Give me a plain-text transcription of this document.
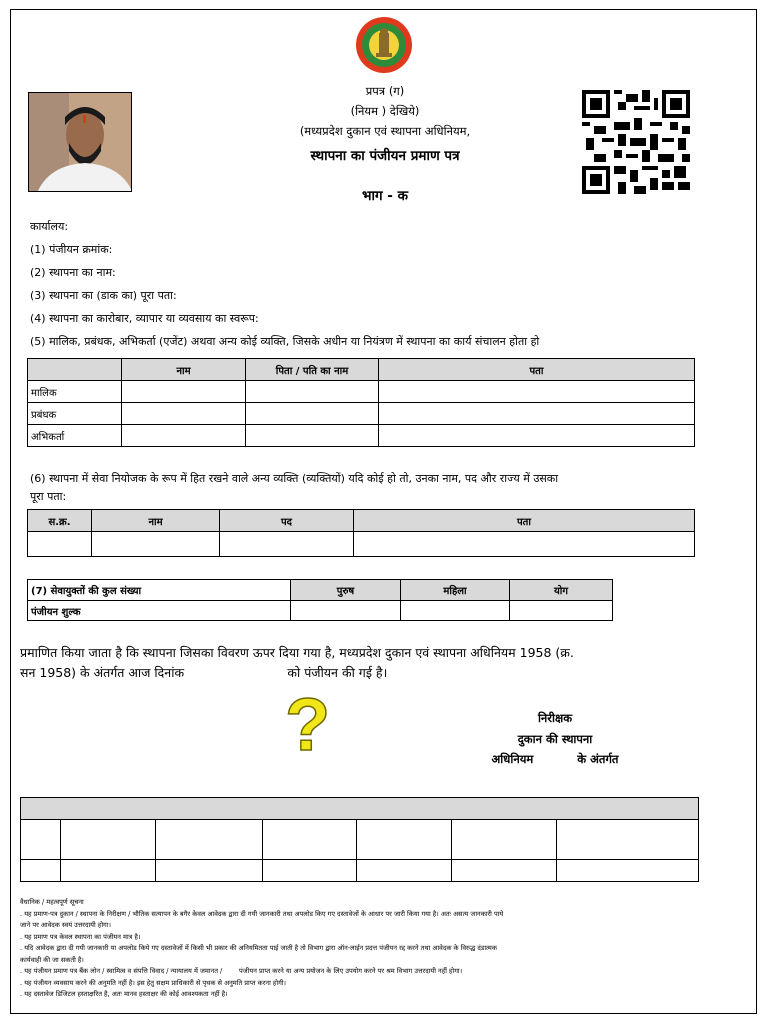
प्रपत्र (ग)
(नियम ) देखिये)
(मध्यप्रदेश दुकान एवं स्थापना अधिनियम,
स्थापना का पंजीयन प्रमाण पत्र
भाग - क
कार्यालय:
(1) पंजीयन क्रमांक:
(2) स्थापना का नाम:
(3) स्थापना का (डाक का) पूरा पता:
(4) स्थापना का कारोबार, व्यापार या व्यवसाय का स्वरूप:
(5) मालिक, प्रबंधक, अभिकर्ता (एजेंट) अथवा अन्य कोई व्यक्ति, जिसके अधीन या नियंत्रण में स्थापना का कार्य संचालन होता हो
	नाम	पिता / पति का नाम	पता
मालिक			
प्रबंधक			
अभिकर्ता			
(6) स्थापना में सेवा नियोजक के रूप में हित रखने वाले अन्य व्यक्ति (व्यक्तियों) यदि कोई हो तो, उनका नाम, पद और राज्य में उसका
पूरा पता:
स.क्र.	नाम	पद	पता

(7) सेवायुक्तों की कुल संख्या	पुरुष	महिला	योग
पंजीयन शुल्क			
प्रमाणित किया जाता है कि स्थापना जिसका विवरण ऊपर दिया गया है, मध्यप्रदेश दुकान एवं स्थापना अधिनियम 1958 (क्र.
सन 1958) के अंतर्गत आज दिनांक                          को पंजीयन की गई है।
?	निरीक्षक
दुकान की स्थापना
अधिनियम           के अंतर्गत

वैधानिक / महत्वपूर्ण सूचना
. यह प्रमाण-पत्र दुकान / स्थापना के निरीक्षण / भौतिक सत्यापन के बगैर केवल आवेदक द्वारा दी गयी जानकारी तथा अपलोड किए गए दस्तावेजों के आधार पर जारी किया गया है। अतः असत्य जानकारी पाये
जाने पर आवेदक स्वयं उत्तरदायी होगा।
. यह प्रमाण पत्र केवल स्थापना का पंजीयन मात्र है।
. यदि आवेदक द्वारा दी गयी जानकारी या अपलोड किये गए दस्तावेजों में किसी भी प्रकार की अनियमितता पाई जाती है तो विभाग द्वारा ऑन-लाईन प्रदत्त पंजीयन रद्द करने तथा आवेदक के विरुद्ध दंडात्मक
कार्यवाही की जा सकती है।
. यह पंजीयन प्रमाण पत्र बैंक लोन / स्वामित्व व संपत्ति विवाद / न्यायालय में जमानत /        पंजीयन प्राप्त करने या अन्य प्रयोजन के लिए उपयोग करने पर श्रम विभाग उत्तरदायी नहीं होगा।
. यह पंजीयन व्यवसाय करने की अनुमति नहीं है। इस हेतु सक्षम प्राधिकारी से पृथक से अनुमति प्राप्त करना होगी।
. यह दस्तावेज डिजिटल हस्ताक्षरित है, अतः मानव हस्ताक्षर की कोई आवश्यकता नहीं है।
